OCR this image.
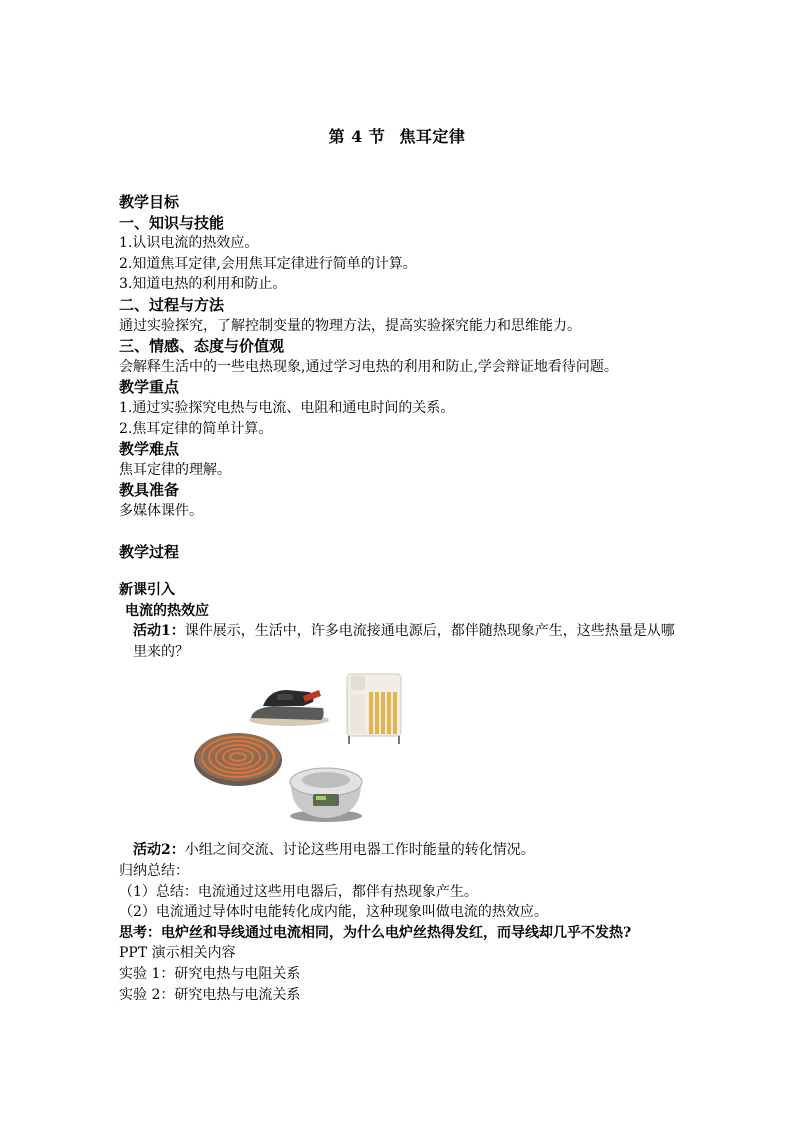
第 4 节 焦耳定律
教学目标
一、知识与技能
1.认识电流的热效应。
2.知道焦耳定律,会用焦耳定律进行简单的计算。
3.知道电热的利用和防止。
二、过程与方法
通过实验探究，了解控制变量的物理方法，提高实验探究能力和思维能力。
三、情感、态度与价值观
会解释生活中的一些电热现象,通过学习电热的利用和防止,学会辩证地看待问题。
教学重点
1.通过实验探究电热与电流、电阻和通电时间的关系。
2.焦耳定律的简单计算。
教学难点
焦耳定律的理解。
教具准备
多媒体课件。
教学过程
新课引入
电流的热效应
活动1：课件展示，生活中，许多电流接通电源后，都伴随热现象产生，这些热量是从哪里来的？
活动2：小组之间交流、讨论这些用电器工作时能量的转化情况。
归纳总结：
（1）总结：电流通过这些用电器后，都伴有热现象产生。
（2）电流通过导体时电能转化成内能，这种现象叫做电流的热效应。
思考：电炉丝和导线通过电流相同，为什么电炉丝热得发红，而导线却几乎不发热?
PPT 演示相关内容
实验 1：研究电热与电阻关系
实验 2：研究电热与电流关系
